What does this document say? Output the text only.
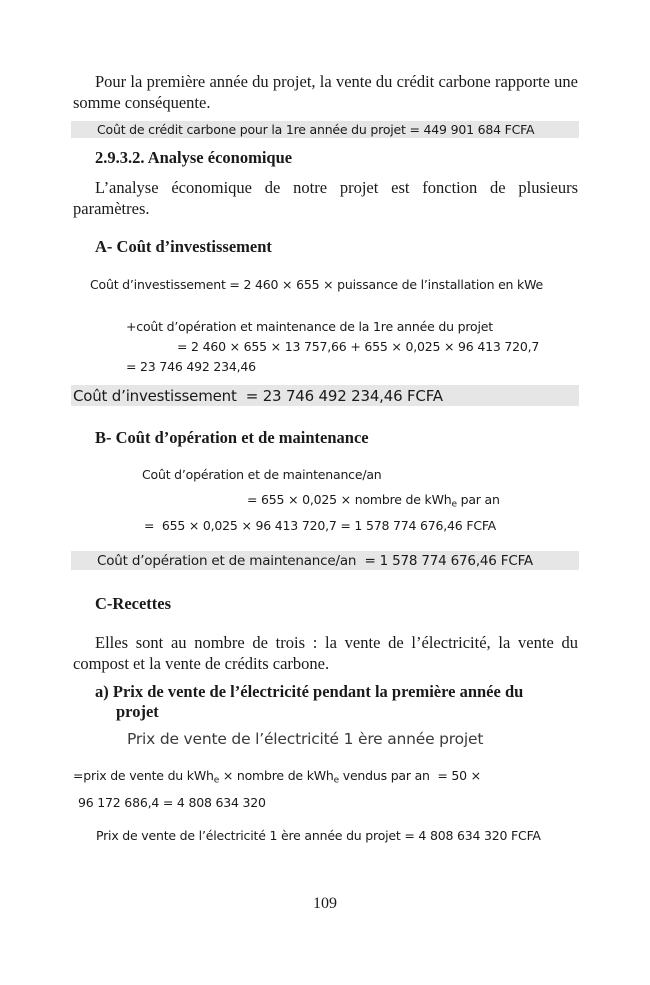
Pour la première année du projet, la vente du crédit carbone rapporte une somme conséquente.
Coût de crédit carbone pour la 1re année du projet = 449 901 684 FCFA
2.9.3.2. Analyse économique
L’analyse économique de notre projet est fonction de plusieurs paramètres.
A- Coût d’investissement
Coût d’investissement = 2 460 × 655 × puissance de l’installation en kWe
+coût d’opération et maintenance de la 1re année du projet
= 2 460 × 655 × 13 757,66 + 655 × 0,025 × 96 413 720,7
= 23 746 492 234,46
Coût d’investissement  = 23 746 492 234,46 FCFA
B- Coût d’opération et de maintenance
Coût d’opération et de maintenance/an
= 655 × 0,025 × nombre de kWh$_e$ par an
=  655 × 0,025 × 96 413 720,7 = 1 578 774 676,46 FCFA
Coût d’opération et de maintenance/an  = 1 578 774 676,46 FCFA
C-Recettes
Elles sont au nombre de trois : la vente de l’électricité, la vente du compost et la vente de crédits carbone.
a) Prix de vente de l’électricité pendant la première année du
projet
Prix de vente de l’électricité 1 ère année projet
=prix de vente du kWh$_e$ × nombre de kWh$_e$ vendus par an  = 50 ×
96 172 686,4 = 4 808 634 320
Prix de vente de l’électricité 1 ère année du projet = 4 808 634 320 FCFA
109
